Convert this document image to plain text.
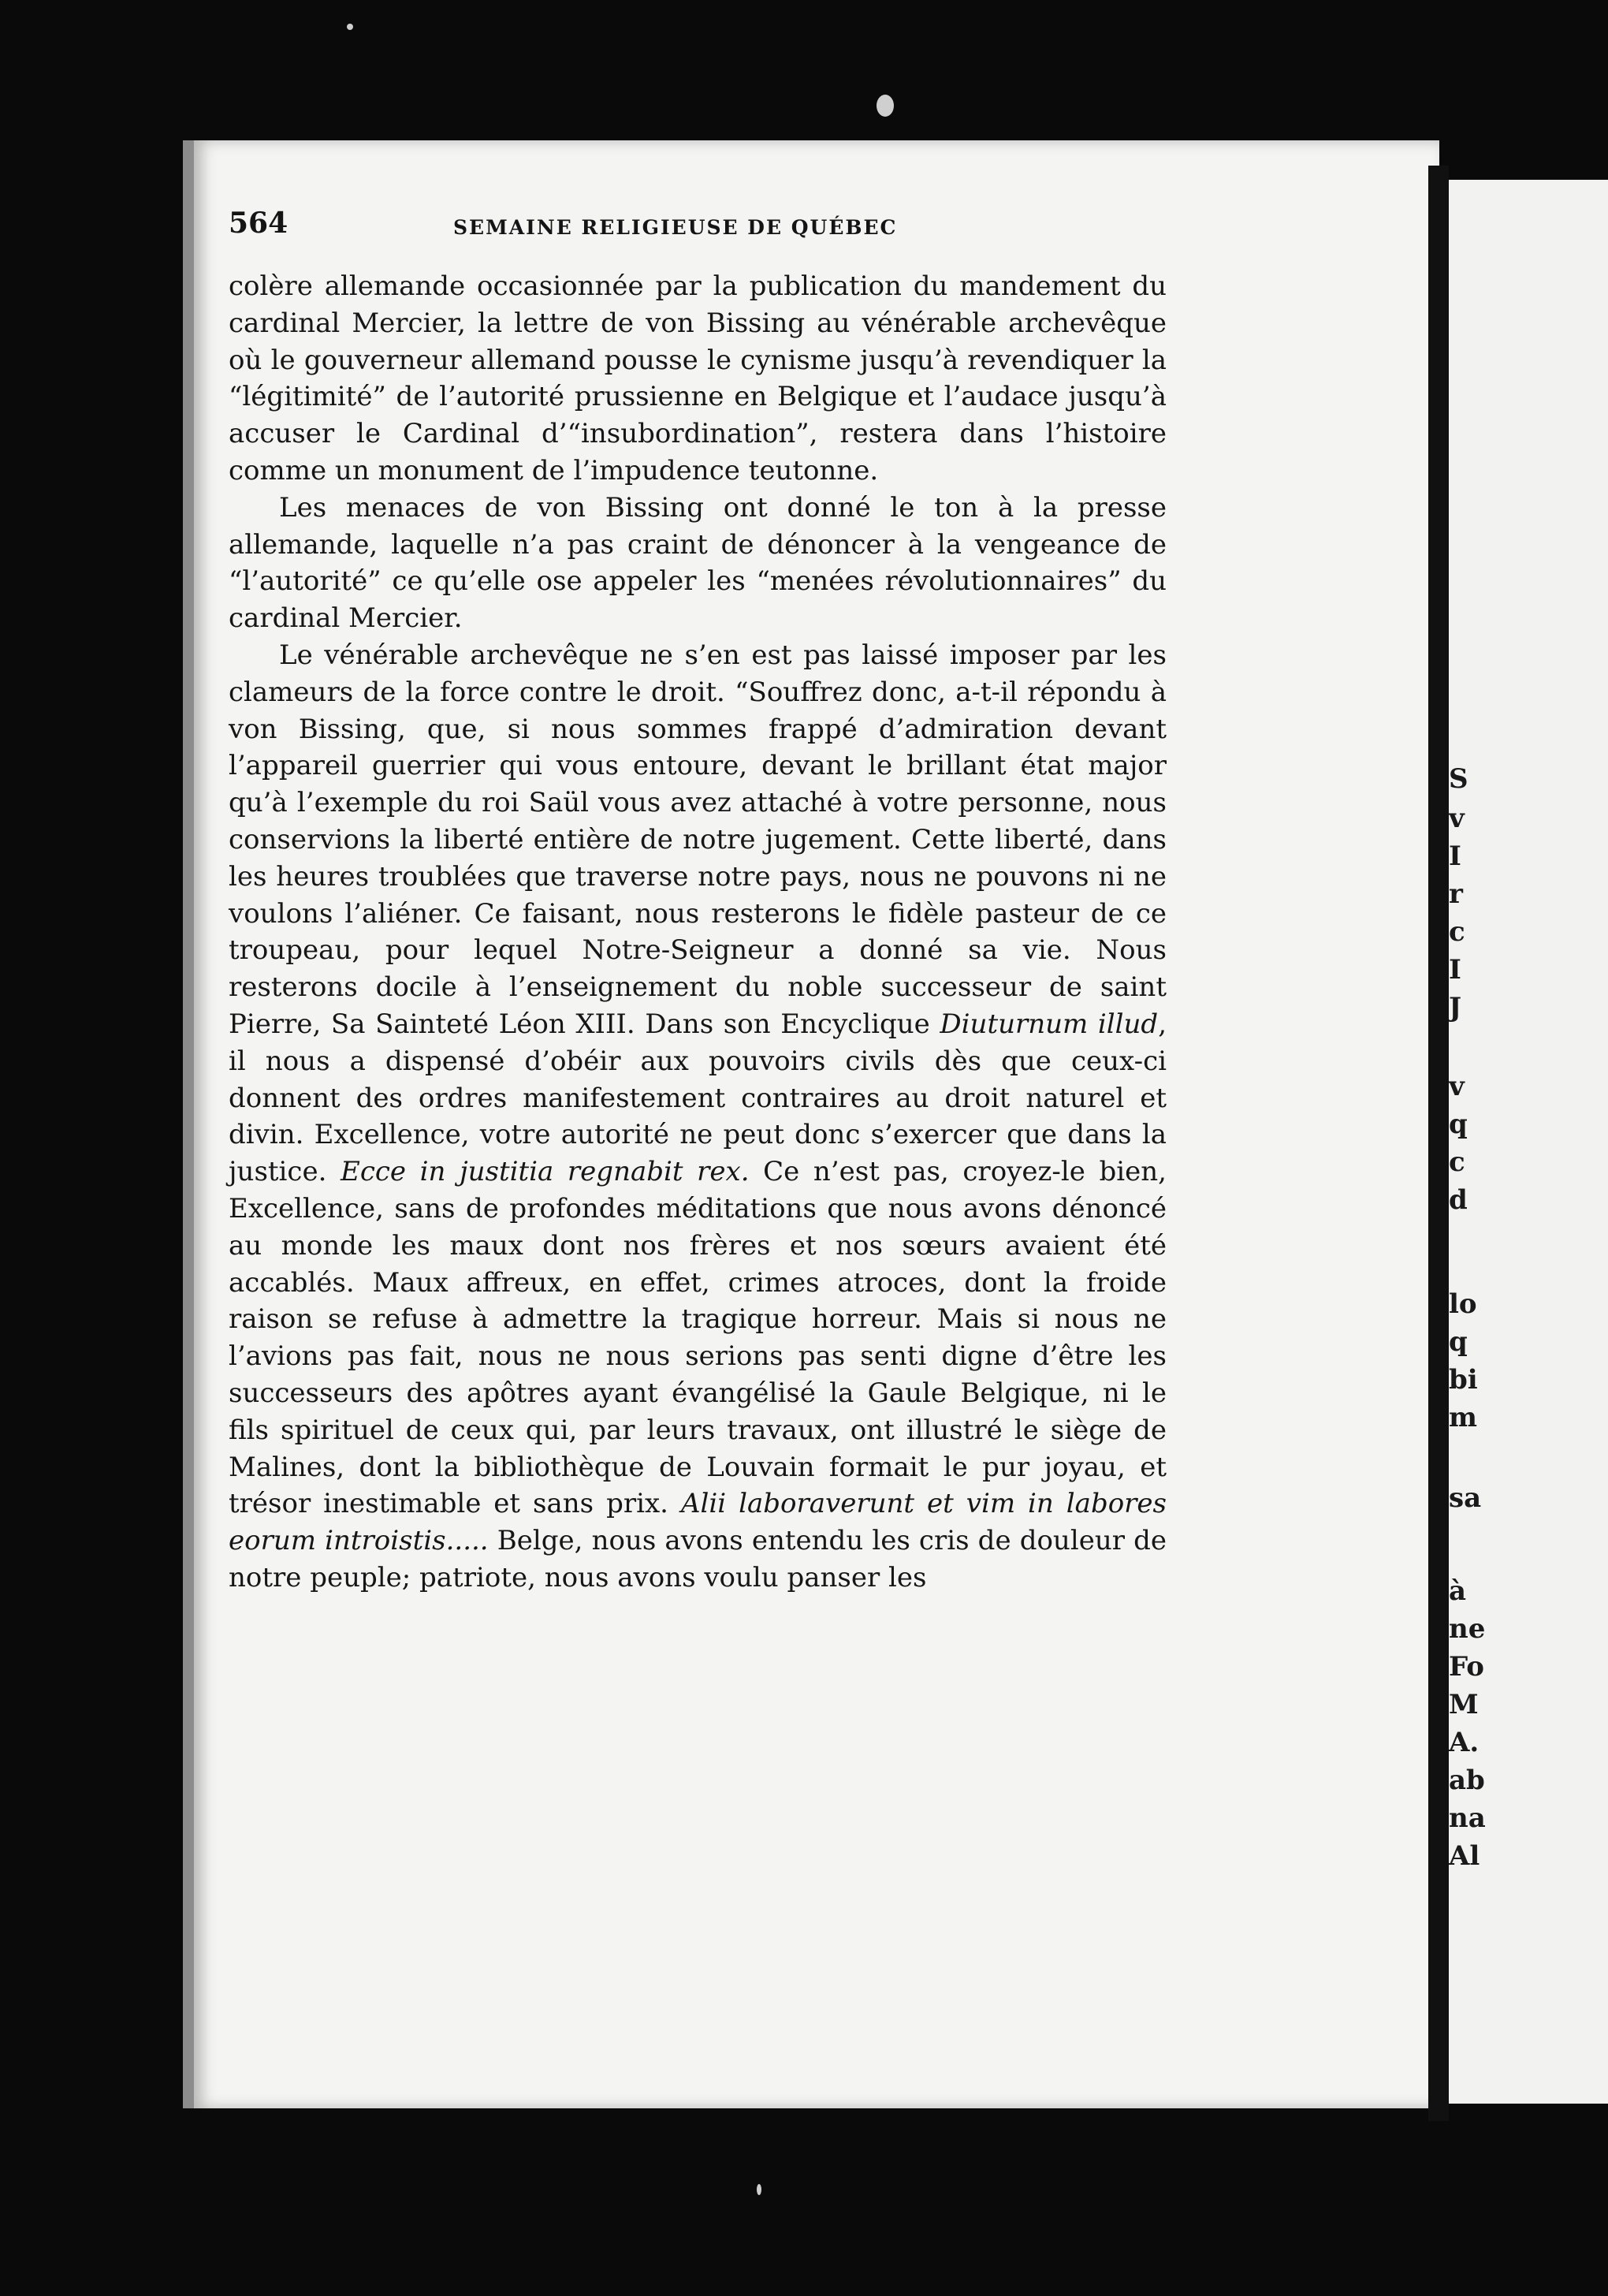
S
v
I
r
c
I
J
v
q
c
d
lo
q
bi
m
sa
à
ne
Fo
M
A.
ab
na
Al
564	SEMAINE RELIGIEUSE DE QUÉBEC

colère allemande occasionnée par la publication du mandement du cardinal Mercier, la lettre de von Bissing au vénérable archevêque où le gouverneur allemand pousse le cynisme jusqu’à revendiquer la “légitimité” de l’autorité prussienne en Belgique et l’audace jusqu’à accuser le Cardinal d’“insubordination”, restera dans l’histoire comme un monument de l’impudence teutonne.

Les menaces de von Bissing ont donné le ton à la presse allemande, laquelle n’a pas craint de dénoncer à la vengeance de “l’autorité” ce qu’elle ose appeler les “menées révolutionnaires” du cardinal Mercier.

Le vénérable archevêque ne s’en est pas laissé imposer par les clameurs de la force contre le droit. “Souffrez donc, a-t-il répondu à von Bissing, que, si nous sommes frappé d’admiration devant l’appareil guerrier qui vous entoure, devant le brillant état major qu’à l’exemple du roi Saül vous avez attaché à votre personne, nous conservions la liberté entière de notre jugement. Cette liberté, dans les heures troublées que traverse notre pays, nous ne pouvons ni ne voulons l’aliéner. Ce faisant, nous resterons le fidèle pasteur de ce troupeau, pour lequel Notre-Seigneur a donné sa vie. Nous resterons docile à l’enseignement du noble successeur de saint Pierre, Sa Sainteté Léon XIII. Dans son Encyclique Diuturnum illud, il nous a dispensé d’obéir aux pouvoirs civils dès que ceux-ci donnent des ordres manifestement contraires au droit naturel et divin. Excellence, votre autorité ne peut donc s’exercer que dans la justice. Ecce in justitia regnabit rex. Ce n’est pas, croyez-le bien, Excellence, sans de profondes méditations que nous avons dénoncé au monde les maux dont nos frères et nos sœurs avaient été accablés. Maux affreux, en effet, crimes atroces, dont la froide raison se refuse à admettre la tragique horreur. Mais si nous ne l’avions pas fait, nous ne nous serions pas senti digne d’être les successeurs des apôtres ayant évangélisé la Gaule Belgique, ni le fils spirituel de ceux qui, par leurs travaux, ont illustré le siège de Malines, dont la bibliothèque de Louvain formait le pur joyau, et trésor inestimable et sans prix. Alii laboraverunt et vim in labores eorum introistis..... Belge, nous avons entendu les cris de douleur de notre peuple; patriote, nous avons voulu panser les
